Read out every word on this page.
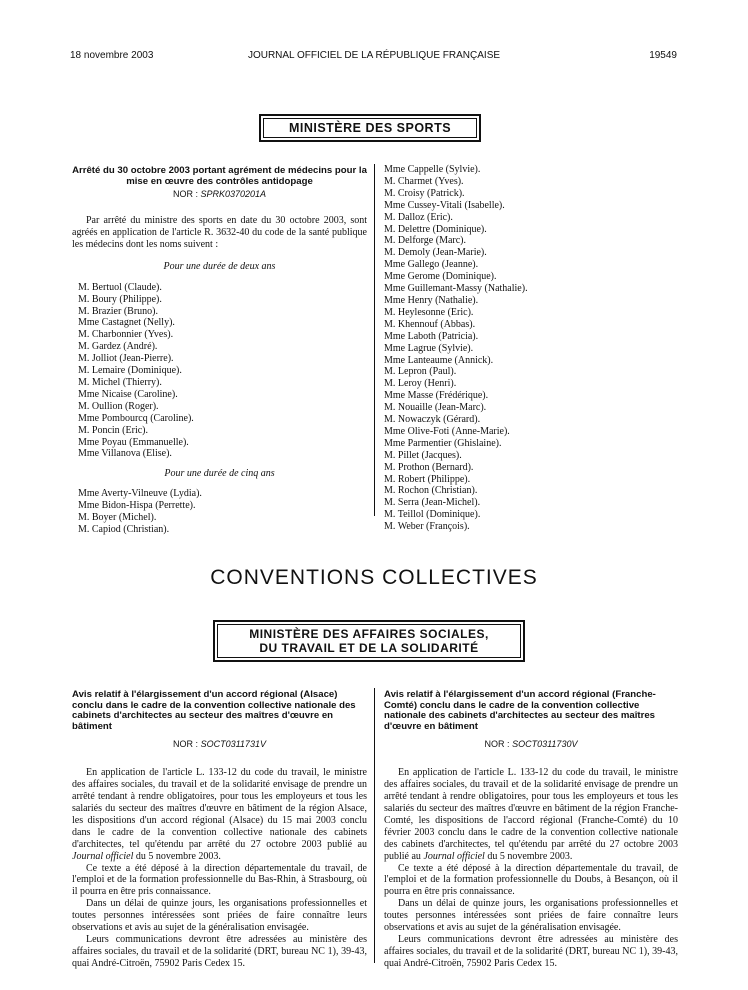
18 novembre 2003	JOURNAL OFFICIEL DE LA RÉPUBLIQUE FRANÇAISE	19549
MINISTÈRE DES SPORTS
Arrêté du 30 octobre 2003 portant agrément de médecins pour la mise en œuvre des contrôles antidopage
NOR : SPRK0370201A

Par arrêté du ministre des sports en date du 30 octobre 2003, sont agréés en application de l'article R. 3632-40 du code de la santé publique les médecins dont les noms suivent :

Pour une durée de deux ans
M. Bertuol (Claude).
M. Boury (Philippe).
M. Brazier (Bruno).
Mme Castagnet (Nelly).
M. Charbonnier (Yves).
M. Gardez (André).
M. Jolliot (Jean-Pierre).
M. Lemaire (Dominique).
M. Michel (Thierry).
Mme Nicaise (Caroline).
M. Oullion (Roger).
Mme Pombourcq (Caroline).
M. Poncin (Eric).
Mme Poyau (Emmanuelle).
Mme Villanova (Elise).
Pour une durée de cinq ans
Mme Averty-Vilneuve (Lydia).
Mme Bidon-Hispa (Perrette).
M. Boyer (Michel).
M. Capiod (Christian).
Mme Cappelle (Sylvie).
M. Charmet (Yves).
M. Croisy (Patrick).
Mme Cussey-Vitali (Isabelle).
M. Dalloz (Eric).
M. Delettre (Dominique).
M. Delforge (Marc).
M. Demoly (Jean-Marie).
Mme Gallego (Jeanne).
Mme Gerome (Dominique).
Mme Guillemant-Massy (Nathalie).
Mme Henry (Nathalie).
M. Heylesonne (Eric).
M. Khennouf (Abbas).
Mme Laboth (Patricia).
Mme Lagrue (Sylvie).
Mme Lanteaume (Annick).
M. Lepron (Paul).
M. Leroy (Henri).
Mme Masse (Frédérique).
M. Nouaille (Jean-Marc).
M. Nowaczyk (Gérard).
Mme Olive-Foti (Anne-Marie).
Mme Parmentier (Ghislaine).
M. Pillet (Jacques).
M. Prothon (Bernard).
M. Robert (Philippe).
M. Rochon (Christian).
M. Serra (Jean-Michel).
M. Teillol (Dominique).
M. Weber (François).
CONVENTIONS COLLECTIVES
MINISTÈRE DES AFFAIRES SOCIALES,
DU TRAVAIL ET DE LA SOLIDARITÉ
Avis relatif à l'élargissement d'un accord régional (Alsace) conclu dans le cadre de la convention collective nationale des cabinets d'architectes au secteur des maîtres d'œuvre en bâtiment
NOR : SOCT0311731V

En application de l'article L. 133-12 du code du travail, le ministre des affaires sociales, du travail et de la solidarité envisage de prendre un arrêté tendant à rendre obligatoires, pour tous les employeurs et tous les salariés du secteur des maîtres d'œuvre en bâtiment de la région Alsace, les dispositions d'un accord régional (Alsace) du 15 mai 2003 conclu dans le cadre de la convention collective nationale des cabinets d'architectes, tel qu'étendu par arrêté du 27 octobre 2003 publié au Journal officiel du 5 novembre 2003.

Ce texte a été déposé à la direction départementale du travail, de l'emploi et de la formation professionnelle du Bas-Rhin, à Strasbourg, où il pourra en être pris connaissance.

Dans un délai de quinze jours, les organisations professionnelles et toutes personnes intéressées sont priées de faire connaître leurs observations et avis au sujet de la généralisation envisagée.

Leurs communications devront être adressées au ministère des affaires sociales, du travail et de la solidarité (DRT, bureau NC 1), 39-43, quai André-Citroën, 75902 Paris Cedex 15.

Avis relatif à l'élargissement d'un accord régional (Franche-Comté) conclu dans le cadre de la convention collective nationale des cabinets d'architectes au secteur des maîtres d'œuvre en bâtiment
NOR : SOCT0311730V

En application de l'article L. 133-12 du code du travail, le ministre des affaires sociales, du travail et de la solidarité envisage de prendre un arrêté tendant à rendre obligatoires, pour tous les employeurs et tous les salariés du secteur des maîtres d'œuvre en bâtiment de la région Franche-Comté, les dispositions de l'accord régional (Franche-Comté) du 10 février 2003 conclu dans le cadre de la convention collective nationale des cabinets d'architectes, tel qu'étendu par arrêté du 27 octobre 2003 publié au Journal officiel du 5 novembre 2003.

Ce texte a été déposé à la direction départementale du travail, de l'emploi et de la formation professionnelle du Doubs, à Besançon, où il pourra en être pris connaissance.

Dans un délai de quinze jours, les organisations professionnelles et toutes personnes intéressées sont priées de faire connaître leurs observations et avis au sujet de la généralisation envisagée.

Leurs communications devront être adressées au ministère des affaires sociales, du travail et de la solidarité (DRT, bureau NC 1), 39-43, quai André-Citroën, 75902 Paris Cedex 15.
